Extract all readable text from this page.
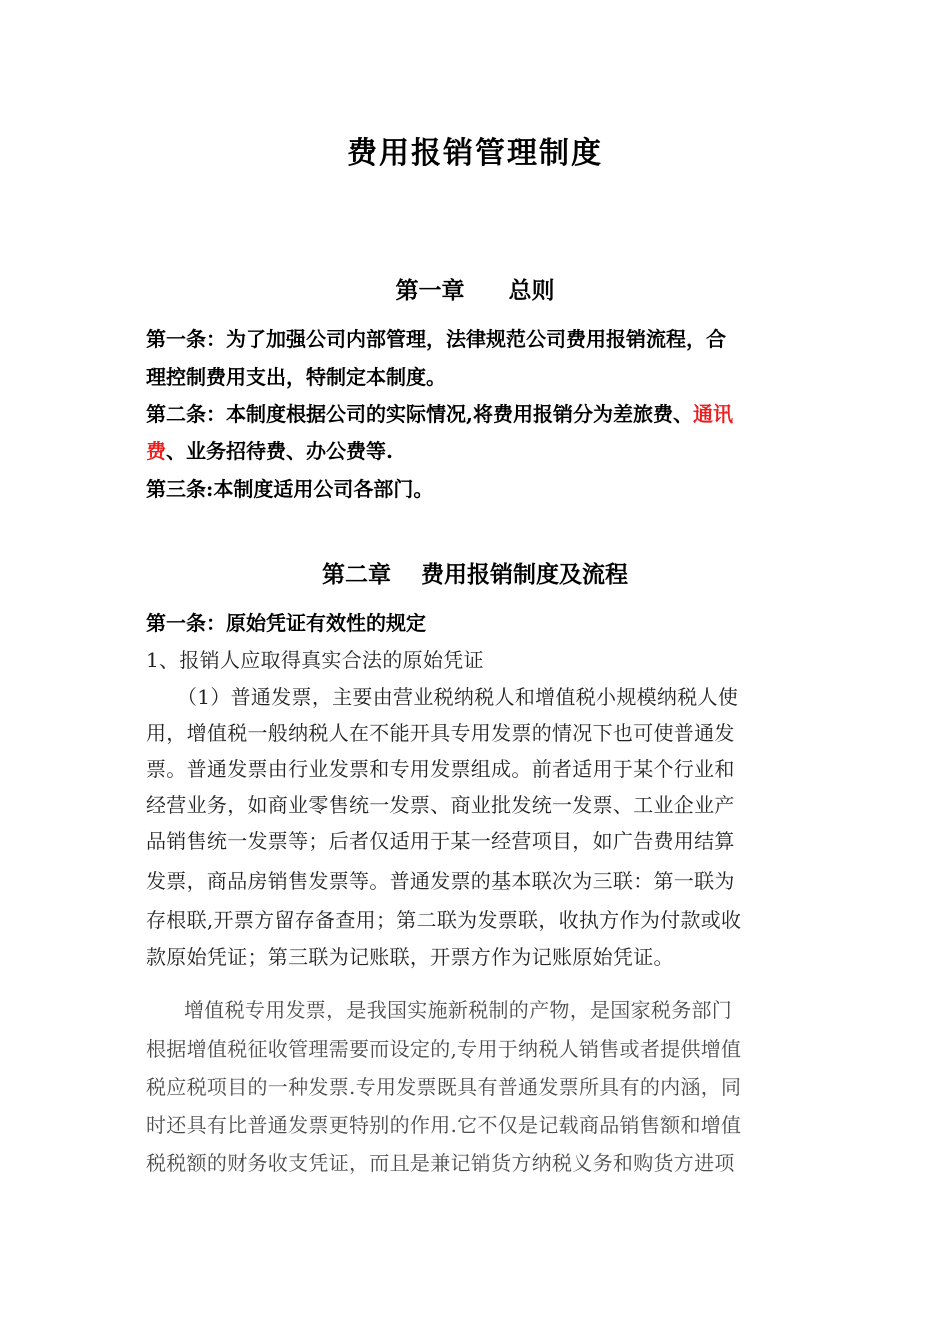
费用报销管理制度
第一章 总则
第一条：为了加强公司内部管理，法律规范公司费用报销流程，合
理控制费用支出，特制定本制度。
第二条：本制度根据公司的实际情况,将费用报销分为差旅费、通讯
费、业务招待费、办公费等.
第三条:本制度适用公司各部门。
第二章 费用报销制度及流程
第一条：原始凭证有效性的规定
1、报销人应取得真实合法的原始凭证
（1）普通发票，主要由营业税纳税人和增值税小规模纳税人使
用，增值税一般纳税人在不能开具专用发票的情况下也可使普通发
票。普通发票由行业发票和专用发票组成。前者适用于某个行业和
经营业务，如商业零售统一发票、商业批发统一发票、工业企业产
品销售统一发票等；后者仅适用于某一经营项目，如广告费用结算
发票，商品房销售发票等。普通发票的基本联次为三联：第一联为
存根联,开票方留存备查用；第二联为发票联，收执方作为付款或收
款原始凭证；第三联为记账联，开票方作为记账原始凭证。
增值税专用发票，是我国实施新税制的产物，是国家税务部门
根据增值税征收管理需要而设定的,专用于纳税人销售或者提供增值
税应税项目的一种发票.专用发票既具有普通发票所具有的内涵，同
时还具有比普通发票更特别的作用.它不仅是记载商品销售额和增值
税税额的财务收支凭证，而且是兼记销货方纳税义务和购货方进项
